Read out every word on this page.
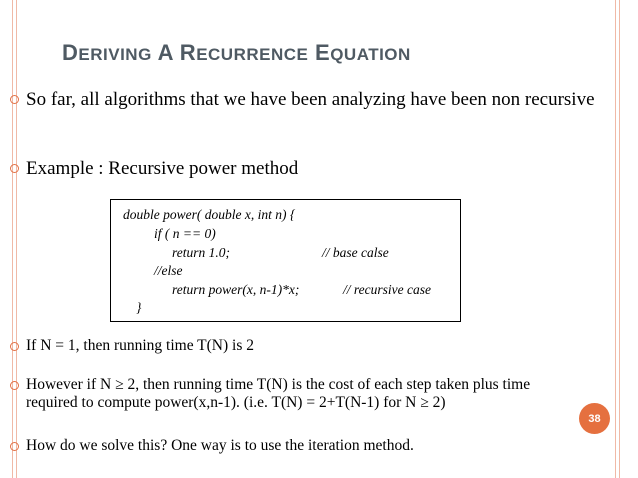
DERIVING A RECURRENCE EQUATION
So far, all algorithms that we have been analyzing have been non recursive
Example : Recursive power method
double power( double x, int n) {
if ( n == 0)
return 1.0;	// base calse
//else
return power(x, n-1)*x;	// recursive case
}
If N = 1, then running time T(N) is 2
However if N ≥ 2, then running time T(N) is the cost of each step taken plus time required to compute power(x,n-1). (i.e. T(N) = 2+T(N-1) for N ≥ 2)
How do we solve this? One way is to use the iteration method.
38
